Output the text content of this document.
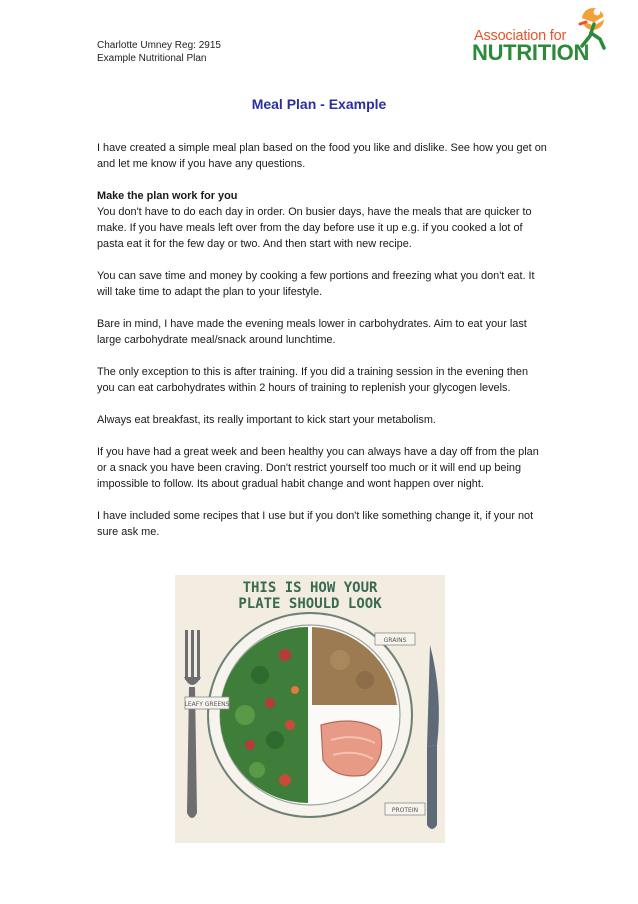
Charlotte Umney Reg: 2915
Example Nutritional Plan
Association for
NUTRITION
Meal Plan - Example

I have created a simple meal plan based on the food you like and dislike. See how you get on and let me know if you have any questions.

Make the plan work for you
You don't have to do each day in order. On busier days, have the meals that are quicker to make. If you have meals left over from the day before use it up e.g. if you cooked a lot of pasta eat it for the few day or two. And then start with new recipe.

You can save time and money by cooking a few portions and freezing what you don't eat. It will take time to adapt the plan to your lifestyle.

Bare in mind, I have made the evening meals lower in carbohydrates. Aim to eat your last large carbohydrate meal/snack around lunchtime.

The only exception to this is after training. If you did a training session in the evening then you can eat carbohydrates within 2 hours of training to replenish your glycogen levels.

Always eat breakfast, its really important to kick start your metabolism.

If you have had a great week and been healthy you can always have a day off from the plan or a snack you have been craving. Don't restrict yourself too much or it will end up being impossible to follow. Its about gradual habit change and wont happen over night.

I have included some recipes that I use but if you don't like something change it, if your not sure ask me.

THIS IS HOW YOUR
PLATE SHOULD LOOK
GRAINS
LEAFY GREENS
PROTEIN
